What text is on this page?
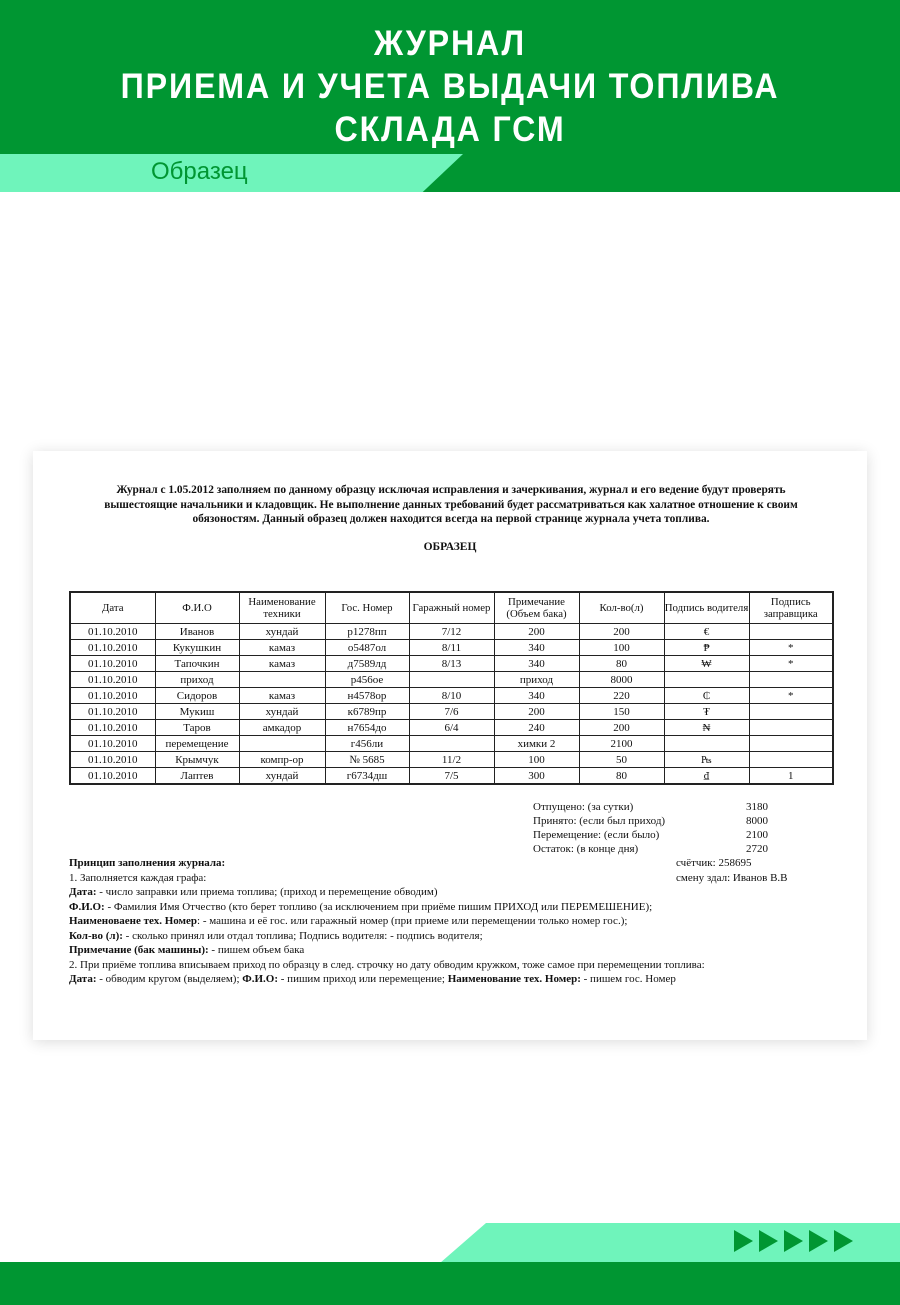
ЖУРНАЛ
ПРИЕМА И УЧЕТА ВЫДАЧИ ТОПЛИВА
СКЛАДА ГСМ
Образец
Журнал с 1.05.2012 заполняем по данному образцу исключая исправления и зачеркивания, журнал и его ведение будут проверять
вышестоящие начальники и кладовщик. Не выполнение данных требований будет рассматриваться как халатное отношение к своим
обязоностям. Данный образец должен находится всегда на первой странице журнала учета топлива.
ОБРАЗЕЦ
Дата	Ф.И.О	Наименование техники	Гос. Номер	Гаражный номер	Примечание (Объем бака)	Кол-во(л)	Подпись водителя	Подпись заправщика
01.10.2010	Иванов	хундай	р1278пп	7/12	200	200	€	
01.10.2010	Кукушкин	камаз	о5487ол	8/11	340	100	₱	*
01.10.2010	Тапочкин	камаз	д7589лд	8/13	340	80	₩	*
01.10.2010	приход		р456ое		приход	8000		
01.10.2010	Сидоров	камаз	н4578ор	8/10	340	220	₵	*
01.10.2010	Мукиш	хундай	к6789пр	7/6	200	150	₮	
01.10.2010	Таров	амкадор	н7654до	6/4	240	200	₦	
01.10.2010	перемещение		г456ли		химки 2	2100		
01.10.2010	Крымчук	компр-ор	№ 5685	11/2	100	50	₧	
01.10.2010	Лаптев	хундай	г6734дш	7/5	300	80	₫	1
Отпущено: (за сутки)	3180
Принято: (если был приход)	8000
Перемещение: (если было)	2100
Остаток: (в конце дня)	2720
счётчик: 258695
смену здал: Иванов В.В
Принцип заполнения журнала:
1. Заполняется каждая графа:
Дата: - число заправки или приема топлива; (приход и перемещение обводим)
Ф.И.О: - Фамилия Имя Отчество (кто берет топливо (за исключением при приёме пишим ПРИХОД или ПЕРЕМЕШЕНИЕ);
Наименоваене тех. Номер: - машина и её гос. или гаражный номер (при приеме или перемещении только номер гос.);
Кол-во (л): - сколько принял или отдал топлива; Подпись водителя: - подпись водителя;
Примечание (бак машины): - пишем объем бака
2. При приёме топлива вписываем приход по образцу в след. строчку но дату обводим кружком, тоже самое при перемещении топлива:
Дата: - обводим кругом (выделяем); Ф.И.О: - пишим приход или перемещение; Наименование тех. Номер: - пишем гос. Номер
